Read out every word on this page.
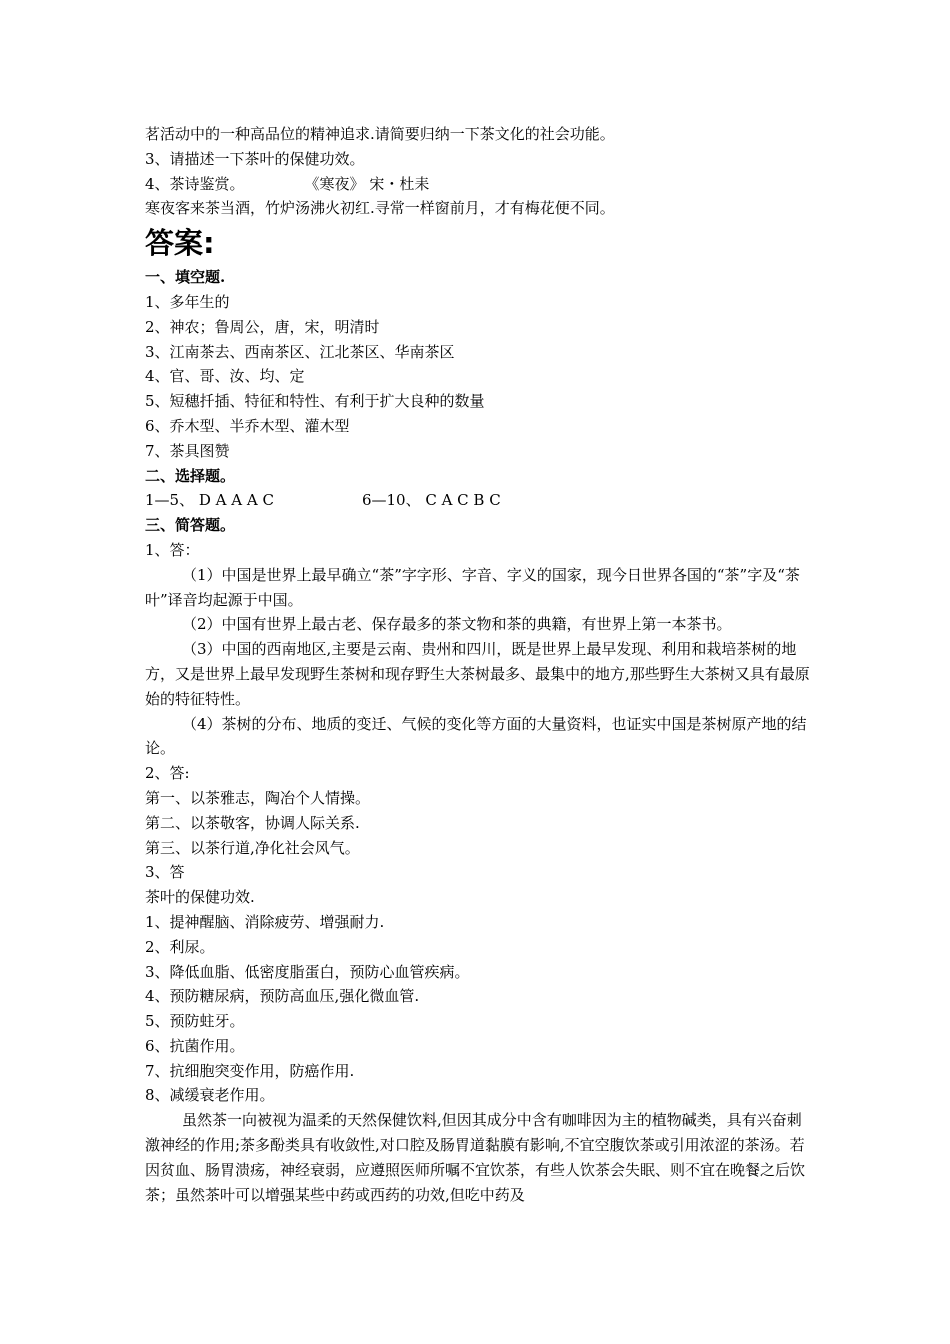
茗活动中的一种高品位的精神追求.请简要归纳一下茶文化的社会功能。
3、请描述一下茶叶的保健功效。
4、茶诗鉴赏。	《寒夜》 宋・杜耒
寒夜客来茶当酒，竹炉汤沸火初红.寻常一样窗前月，才有梅花便不同。
答案:
一、填空题.
1、多年生的
2、神农；鲁周公，唐，宋，明清时
3、江南茶去、西南茶区、江北茶区、华南茶区
4、官、哥、汝、均、定
5、短穗扦插、特征和特性、有利于扩大良种的数量
6、乔木型、半乔木型、灌木型
7、茶具图赞
二、选择题。
1—5、 D A A A C	6—10、 C A C B C
三、简答题。
1、答：
（1）中国是世界上最早确立“茶”字字形、字音、字义的国家，现今日世界各国的“茶”字及“茶叶”译音均起源于中国。
（2）中国有世界上最古老、保存最多的茶文物和茶的典籍，有世界上第一本茶书。
（3）中国的西南地区,主要是云南、贵州和四川，既是世界上最早发现、利用和栽培茶树的地方，又是世界上最早发现野生茶树和现存野生大茶树最多、最集中的地方,那些野生大茶树又具有最原始的特征特性。
（4）茶树的分布、地质的变迁、气候的变化等方面的大量资料，也证实中国是茶树原产地的结论。
2、答:
第一、以茶雅志，陶冶个人情操。
第二、以茶敬客，协调人际关系.
第三、以茶行道,净化社会风气。
3、答
茶叶的保健功效.
1、提神醒脑、消除疲劳、增强耐力.
2、利尿。
3、降低血脂、低密度脂蛋白，预防心血管疾病。
4、预防糖尿病，预防高血压,强化微血管.
5、预防蛀牙。
6、抗菌作用。
7、抗细胞突变作用，防癌作用.
8、减缓衰老作用。
虽然茶一向被视为温柔的天然保健饮料,但因其成分中含有咖啡因为主的植物碱类，具有兴奋刺激神经的作用;茶多酚类具有收敛性,对口腔及肠胃道黏膜有影响,不宜空腹饮茶或引用浓涩的茶汤。若因贫血、肠胃溃疡，神经衰弱，应遵照医师所嘱不宜饮茶，有些人饮茶会失眠、则不宜在晚餐之后饮茶；虽然茶叶可以增强某些中药或西药的功效,但吃中药及
